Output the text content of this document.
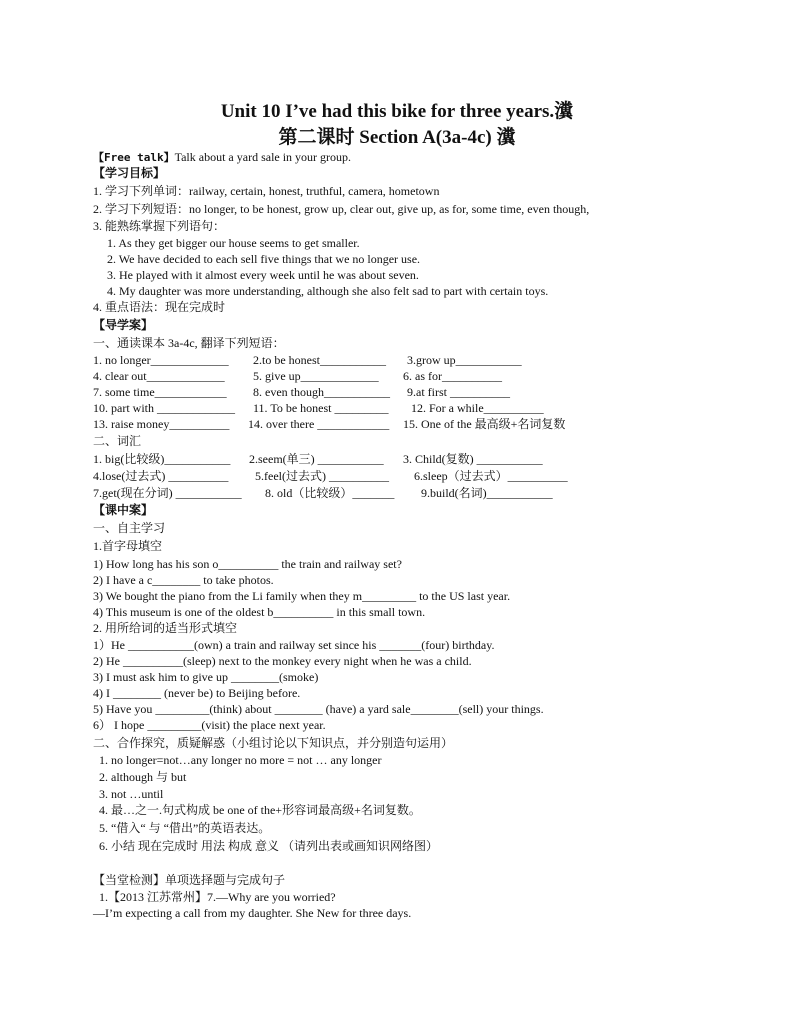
Unit 10 I’ve had this bike for three years.瀵
第二课时 Section A(3a-4c) 瀵
【Free talk】Talk about a yard sale in your group.
【学习目标】
1. 学习下列单词：railway, certain, honest, truthful, camera, hometown
2. 学习下列短语：no longer, to be honest, grow up, clear out, give up, as for, some time, even though,
3. 能熟练掌握下列语句：
1. As they get bigger our house seems to get smaller.
2. We have decided to each sell five things that we no longer use.
3. He played with it almost every week until he was about seven.
4. My daughter was more understanding, although she also felt sad to part with certain toys.
4. 重点语法：现在完成时
【导学案】
一、通读课本 3a-4c, 翻译下列短语：
1. no longer_____________ 2.to be honest___________ 3.grow up___________
4. clear out_____________ 5. give up_____________ 6. as for__________
7. some time____________ 8. even though___________ 9.at first __________
10. part with _____________ 11. To be honest _________ 12. For a while__________
13. raise money__________ 14. over there ____________ 15. One of the 最高级+名词复数
二、词汇
1. big(比较级)___________ 2.seem(单三) ___________ 3. Child(复数) ___________
4.lose(过去式) __________ 5.feel(过去式) __________ 6.sleep（过去式）__________
7.get(现在分词) ___________ 8. old（比较级）_______ 9.build(名词)___________
【课中案】
一、自主学习
1.首字母填空
1) How long has his son o__________ the train and railway set?
2) I have a c________ to take photos.
3) We bought the piano from the Li family when they m_________ to the US last year.
4) This museum is one of the oldest b__________ in this small town.
2. 用所给词的适当形式填空
1）He ___________(own) a train and railway set since his _______(four) birthday.
2) He __________(sleep) next to the monkey every night when he was a child.
3) I must ask him to give up ________(smoke)
4) I ________ (never be) to Beijing before.
5) Have you _________(think) about ________ (have) a yard sale________(sell) your things.
6） I hope _________(visit) the place next year.
二、合作探究，质疑解惑（小组讨论以下知识点，并分别造句运用）
1. no longer=not…any longer no more = not … any longer
2. although 与 but
3. not …until
4. 最…之一.句式构成 be one of the+形容词最高级+名词复数。
5. “借入“ 与 “借出”的英语表达。
6. 小结 现在完成时 用法 构成 意义 （请列出表或画知识网络图）
【当堂检测】单项选择题与完成句子
1.【2013 江苏常州】7.—Why are you worried?
—I’m expecting a call from my daughter. She New for three days.
